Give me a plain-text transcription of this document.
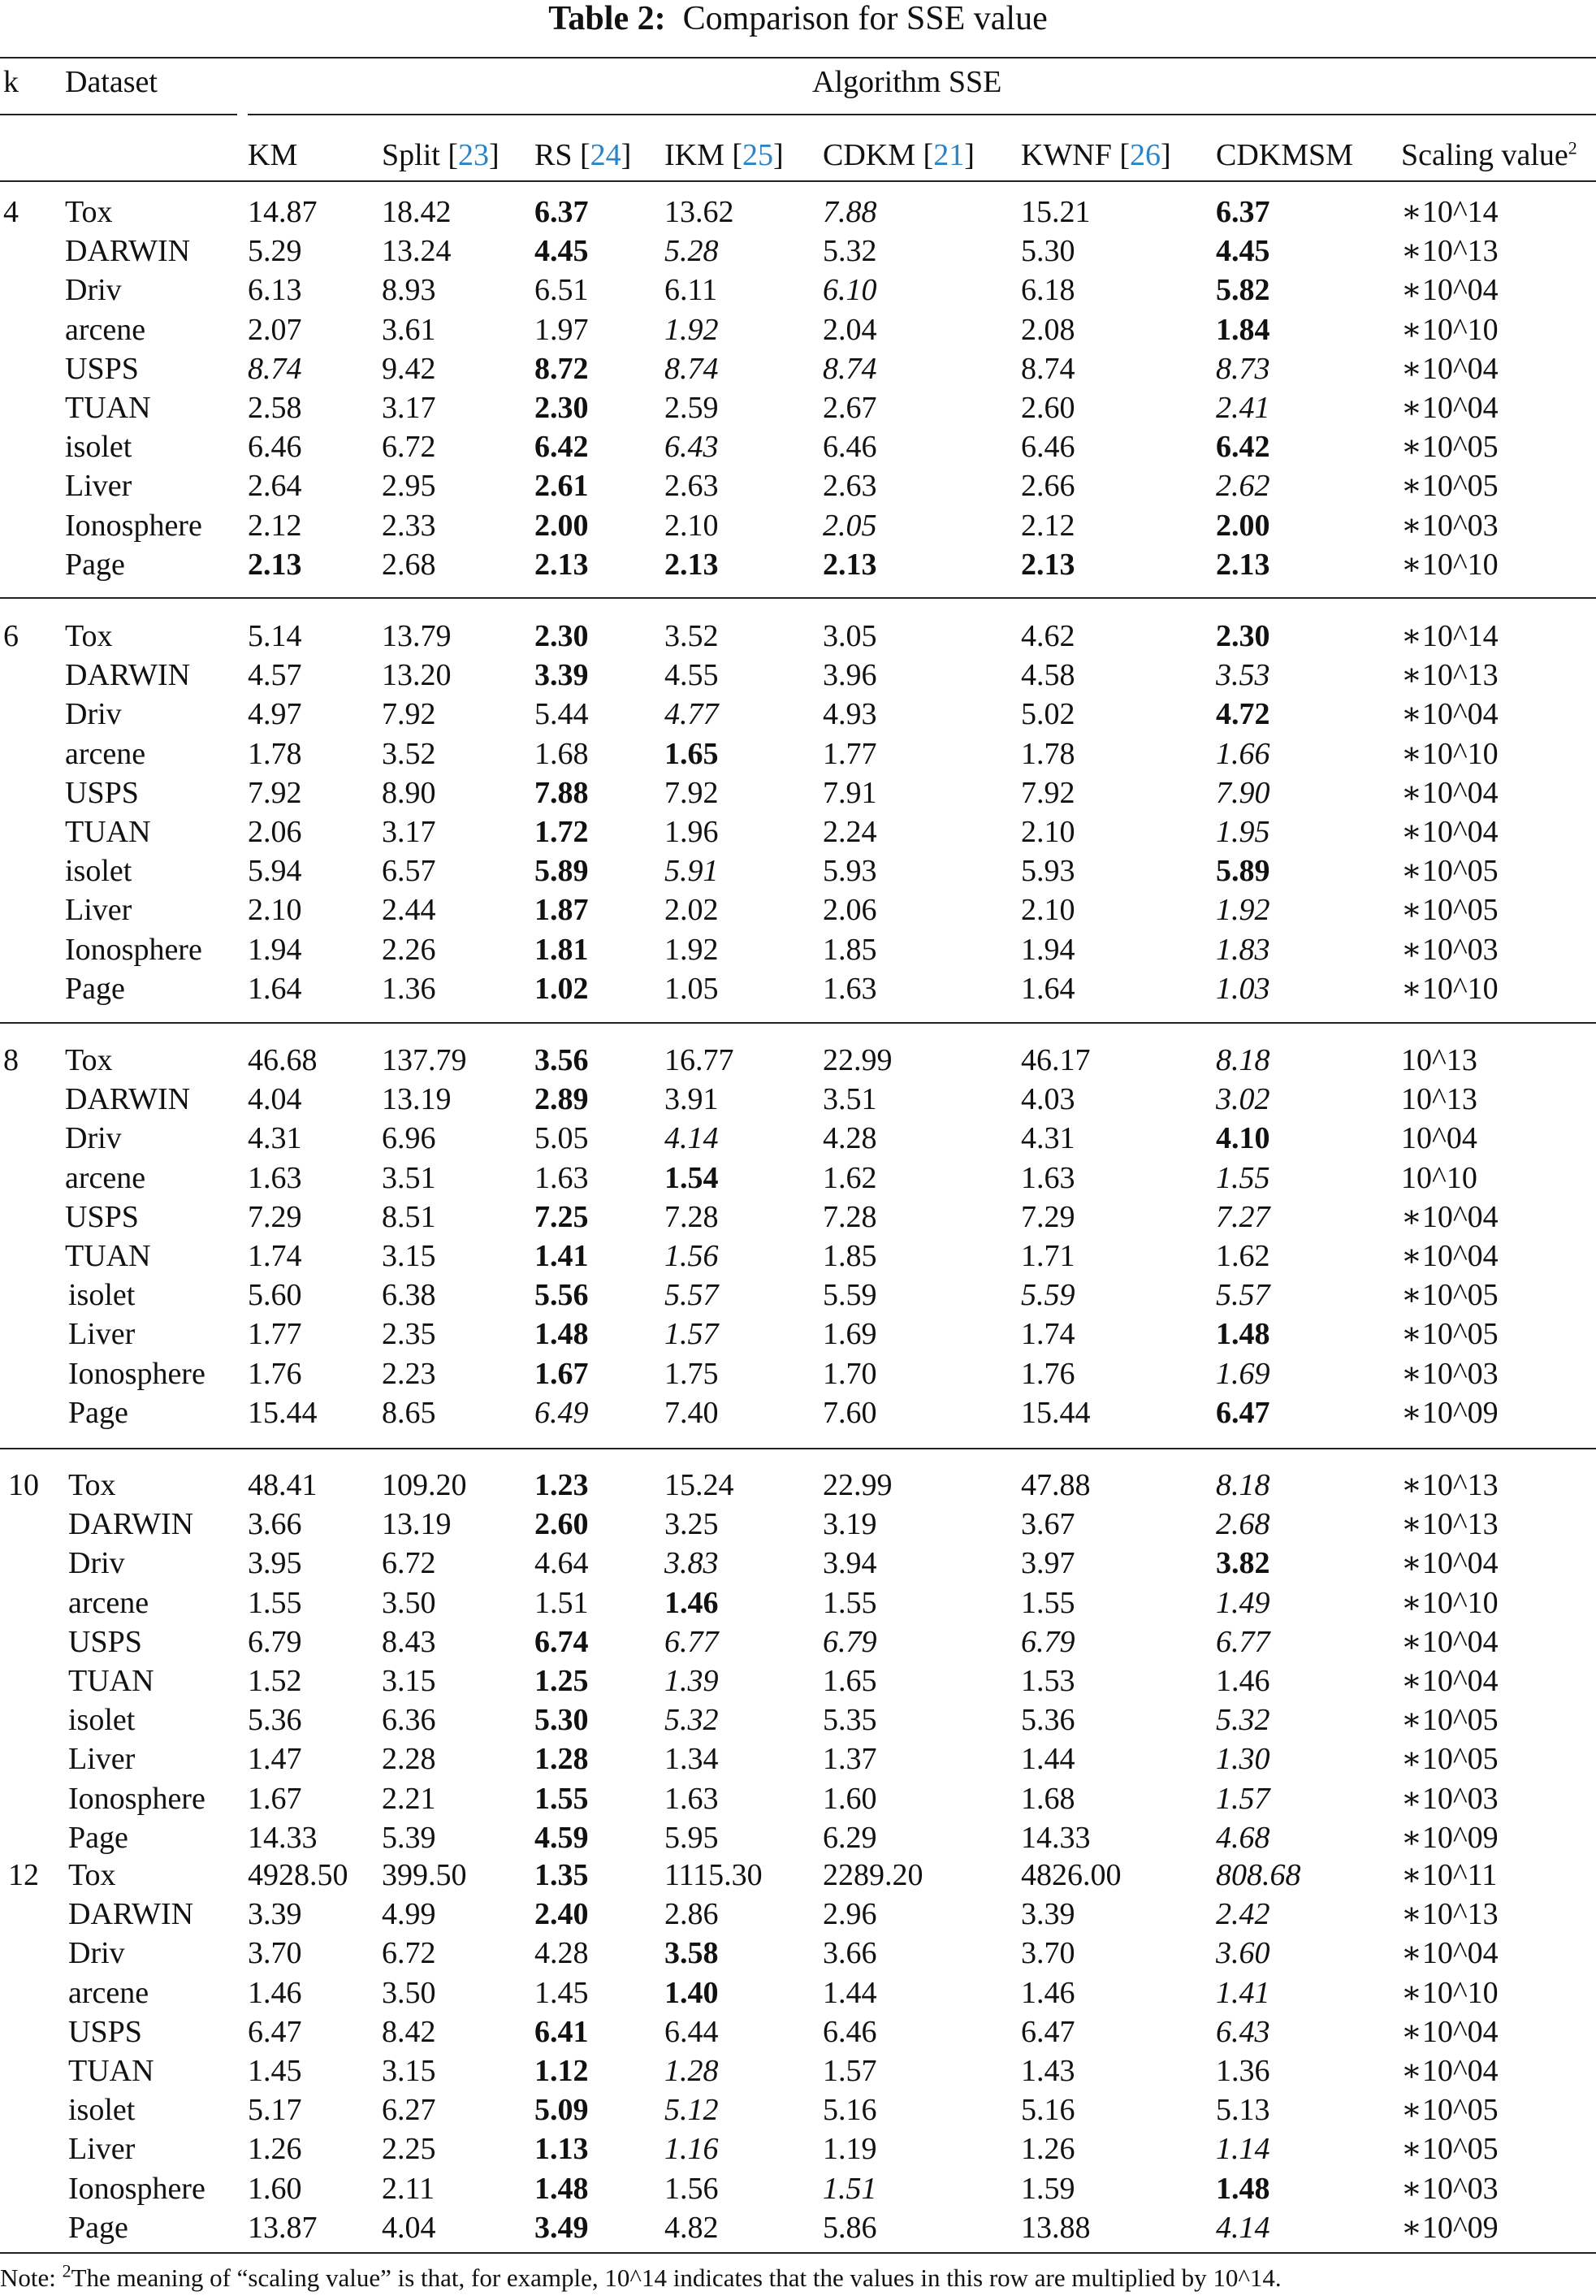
Table 2: Comparison for SSE value
k Dataset	Algorithm SSE
KM	Split [23] RS [24] IKM [25] CDKM [21] KWNF [26] CDKMSM Scaling value$^2$
4 Tox	14.87 18.42	6.37 13.62	7.88	15.21	6.37	∗10^14
DARWIN 5.29	13.24	4.45 5.28	5.32	5.30	4.45	∗10^13
Driv	6.13	8.93	6.51 6.11	6.10	6.18	5.82	∗10^04
arcene	2.07	3.61	1.97 1.92	2.04	2.08	1.84	∗10^10
USPS	8.74	9.42	8.72 8.74	8.74	8.74	8.73	∗10^04
TUAN	2.58	3.17	2.30 2.59	2.67	2.60	2.41	∗10^04
isolet	6.46	6.72	6.42 6.43	6.46	6.46	6.42	∗10^05
Liver	2.64	2.95	2.61 2.63	2.63	2.66	2.62	∗10^05
Ionosphere 2.12	2.33	2.00 2.10	2.05	2.12	2.00	∗10^03
Page	2.13	2.68	2.13 2.13	2.13	2.13	2.13	∗10^10
6 Tox	5.14	13.79	2.30 3.52	3.05	4.62	2.30	∗10^14
DARWIN 4.57	13.20	3.39 4.55	3.96	4.58	3.53	∗10^13
Driv	4.97	7.92	5.44 4.77	4.93	5.02	4.72	∗10^04
arcene	1.78	3.52	1.68 1.65	1.77	1.78	1.66	∗10^10
USPS	7.92	8.90	7.88 7.92	7.91	7.92	7.90	∗10^04
TUAN	2.06	3.17	1.72 1.96	2.24	2.10	1.95	∗10^04
isolet	5.94	6.57	5.89 5.91	5.93	5.93	5.89	∗10^05
Liver	2.10	2.44	1.87 2.02	2.06	2.10	1.92	∗10^05
Ionosphere 1.94	2.26	1.81 1.92	1.85	1.94	1.83	∗10^03
Page	1.64	1.36	1.02 1.05	1.63	1.64	1.03	∗10^10
8 Tox	46.68 137.79 3.56 16.77	22.99	46.17	8.18	10^13
DARWIN 4.04	13.19	2.89 3.91	3.51	4.03	3.02	10^13
Driv	4.31	6.96	5.05 4.14	4.28	4.31	4.10	10^04
arcene	1.63	3.51	1.63 1.54	1.62	1.63	1.55	10^10
USPS	7.29	8.51	7.25 7.28	7.28	7.29	7.27	∗10^04
TUAN	1.74	3.15	1.41 1.56	1.85	1.71	1.62	∗10^04
isolet	5.60	6.38	5.56 5.57	5.59	5.59	5.57	∗10^05
Liver	1.77	2.35	1.48 1.57	1.69	1.74	1.48	∗10^05
Ionosphere 1.76	2.23	1.67 1.75	1.70	1.76	1.69	∗10^03
Page	15.44 8.65	6.49 7.40	7.60	15.44	6.47	∗10^09
10 Tox	48.41 109.20 1.23 15.24	22.99	47.88	8.18	∗10^13
DARWIN 3.66	13.19	2.60 3.25	3.19	3.67	2.68	∗10^13
Driv	3.95	6.72	4.64 3.83	3.94	3.97	3.82	∗10^04
arcene	1.55	3.50	1.51 1.46	1.55	1.55	1.49	∗10^10
USPS	6.79	8.43	6.74 6.77	6.79	6.79	6.77	∗10^04
TUAN	1.52	3.15	1.25 1.39	1.65	1.53	1.46	∗10^04
isolet	5.36	6.36	5.30 5.32	5.35	5.36	5.32	∗10^05
Liver	1.47	2.28	1.28 1.34	1.37	1.44	1.30	∗10^05
Ionosphere 1.67	2.21	1.55 1.63	1.60	1.68	1.57	∗10^03
Page	14.33 5.39	4.59 5.95	6.29	14.33	4.68	∗10^09
12 Tox	4928.50 399.50 1.35 1115.30 2289.20	4826.00	808.68	∗10^11
DARWIN 3.39	4.99	2.40 2.86	2.96	3.39	2.42	∗10^13
Driv	3.70	6.72	4.28 3.58	3.66	3.70	3.60	∗10^04
arcene	1.46	3.50	1.45 1.40	1.44	1.46	1.41	∗10^10
USPS	6.47	8.42	6.41 6.44	6.46	6.47	6.43	∗10^04
TUAN	1.45	3.15	1.12 1.28	1.57	1.43	1.36	∗10^04
isolet	5.17	6.27	5.09 5.12	5.16	5.16	5.13	∗10^05
Liver	1.26	2.25	1.13 1.16	1.19	1.26	1.14	∗10^05
Ionosphere 1.60	2.11	1.48 1.56	1.51	1.59	1.48	∗10^03
Page	13.87 4.04	3.49 4.82	5.86	13.88	4.14	∗10^09
Note: $^2$The meaning of “scaling value” is that, for example, 10^14 indicates that the values in this row are multiplied by 10^14.
